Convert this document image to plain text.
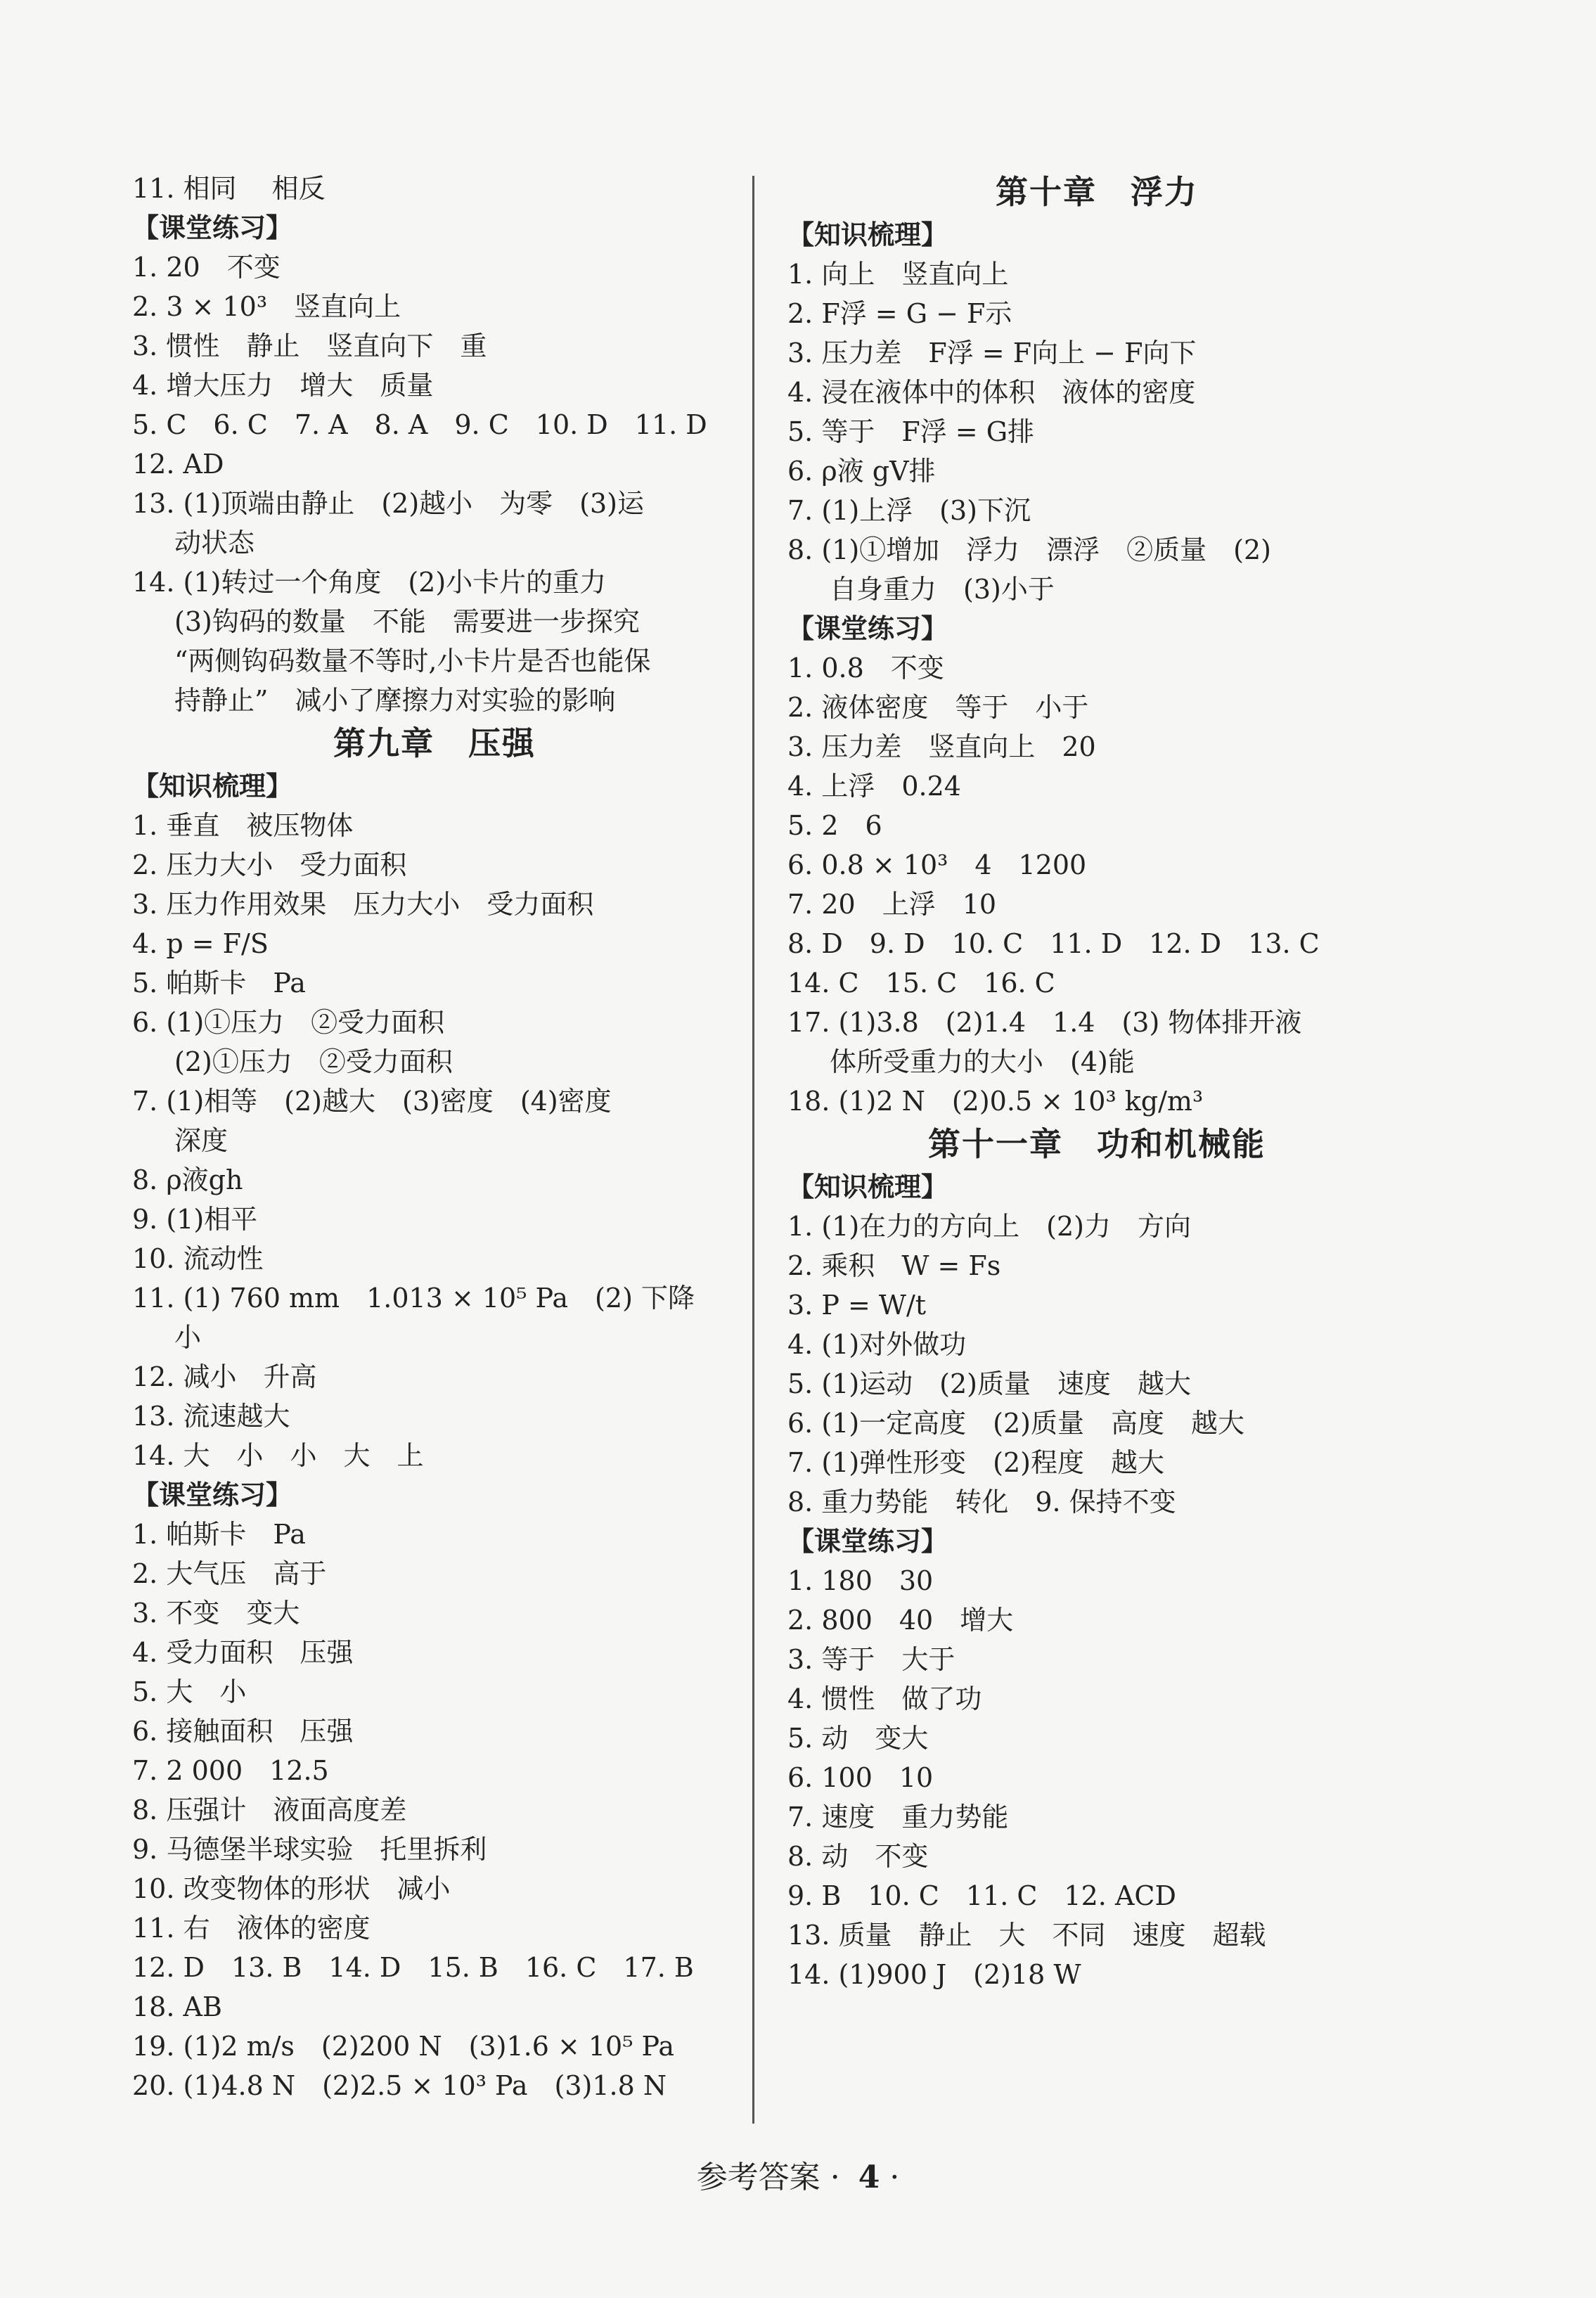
11. 相同　 相反
【课堂练习】
1. 20　不变
2. 3 × 10³　竖直向上
3. 惯性　静止　竖直向下　重
4. 增大压力　增大　质量
5. C　6. C　7. A　8. A　9. C　10. D　11. D
12. AD
13. (1)顶端由静止　(2)越小　为零　(3)运
动状态
14. (1)转过一个角度　(2)小卡片的重力
(3)钩码的数量　不能　需要进一步探究
“两侧钩码数量不等时,小卡片是否也能保
持静止”　减小了摩擦力对实验的影响
第九章　压强
【知识梳理】
1. 垂直　被压物体
2. 压力大小　受力面积
3. 压力作用效果　压力大小　受力面积
4. p = F/S
5. 帕斯卡　Pa
6. (1)①压力　②受力面积
(2)①压力　②受力面积
7. (1)相等　(2)越大　(3)密度　(4)密度
深度
8. ρ液gh
9. (1)相平
10. 流动性
11. (1) 760 mm　1.013 × 10⁵ Pa　(2) 下降
小
12. 减小　升高
13. 流速越大
14. 大　小　小　大　上
【课堂练习】
1. 帕斯卡　Pa
2. 大气压　高于
3. 不变　变大
4. 受力面积　压强
5. 大　小
6. 接触面积　压强
7. 2 000　12.5
8. 压强计　液面高度差
9. 马德堡半球实验　托里拆利
10. 改变物体的形状　减小
11. 右　液体的密度
12. D　13. B　14. D　15. B　16. C　17. B
18. AB
19. (1)2 m/s　(2)200 N　(3)1.6 × 10⁵ Pa
20. (1)4.8 N　(2)2.5 × 10³ Pa　(3)1.8 N
第十章　浮力
【知识梳理】
1. 向上　竖直向上
2. F浮 = G − F示
3. 压力差　F浮 = F向上 − F向下
4. 浸在液体中的体积　液体的密度
5. 等于　F浮 = G排
6. ρ液 gV排
7. (1)上浮　(3)下沉
8. (1)①增加　浮力　漂浮　②质量　(2)
自身重力　(3)小于
【课堂练习】
1. 0.8　不变
2. 液体密度　等于　小于
3. 压力差　竖直向上　20
4. 上浮　0.24
5. 2　6
6. 0.8 × 10³　4　1200
7. 20　上浮　10
8. D　9. D　10. C　11. D　12. D　13. C
14. C　15. C　16. C
17. (1)3.8　(2)1.4　1.4　(3) 物体排开液
体所受重力的大小　(4)能
18. (1)2 N　(2)0.5 × 10³ kg/m³
第十一章　功和机械能
【知识梳理】
1. (1)在力的方向上　(2)力　方向
2. 乘积　W = Fs
3. P = W/t
4. (1)对外做功
5. (1)运动　(2)质量　速度　越大
6. (1)一定高度　(2)质量　高度　越大
7. (1)弹性形变　(2)程度　越大
8. 重力势能　转化　9. 保持不变
【课堂练习】
1. 180　30
2. 800　40　增大
3. 等于　大于
4. 惯性　做了功
5. 动　变大
6. 100　10
7. 速度　重力势能
8. 动　不变
9. B　10. C　11. C　12. ACD
13. 质量　静止　大　不同　速度　超载
14. (1)900 J　(2)18 W
参考答案 · 4 ·
